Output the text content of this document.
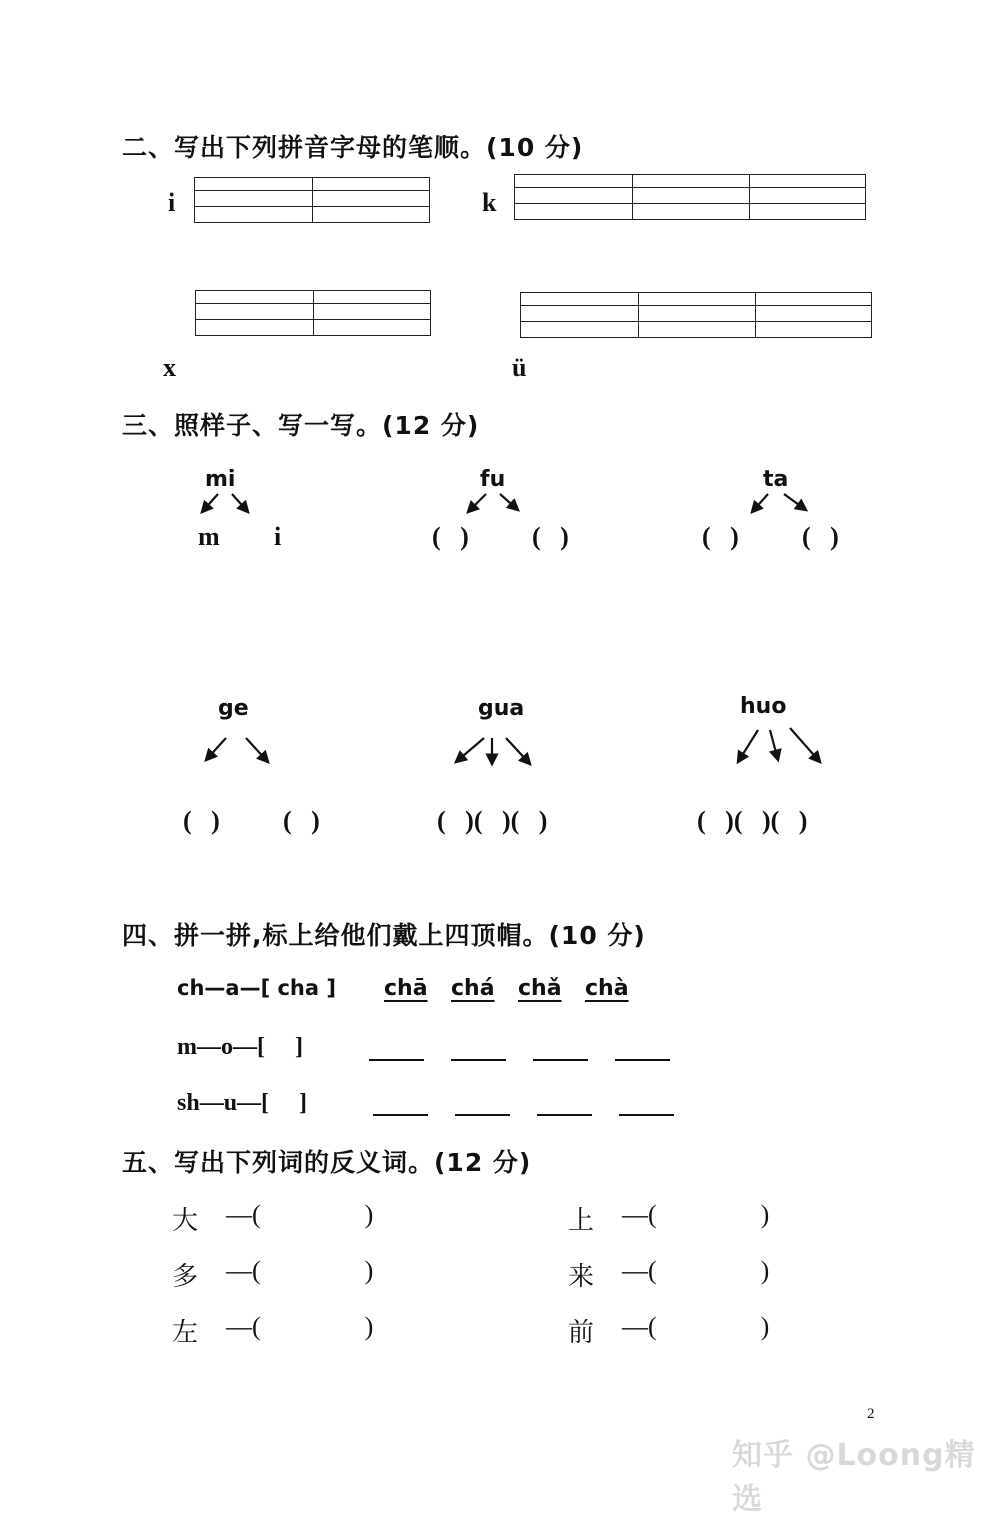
二、写出下列拼音字母的笔顺。(10 分)
i	k
x	ü
三、照样子、写一写。(12 分)
mi	fu	ta
m i	(   ) (   )	(   ) (   )
ge	gua	huo
(   ) (   )	(   )(   )(   )	(   )(   )(   )
四、拼一拼,标上给他们戴上四顶帽。(10 分)
ch—a—[ cha ] chā chá chǎ chà
m—o—[     ]
sh—u—[     ]
五、写出下列词的反义词。(12 分)
大 —(                )	上 —(                )
多 —(                )	来 —(                )
左 —(                )	前 —(                )
2
知乎 @Loong精选
